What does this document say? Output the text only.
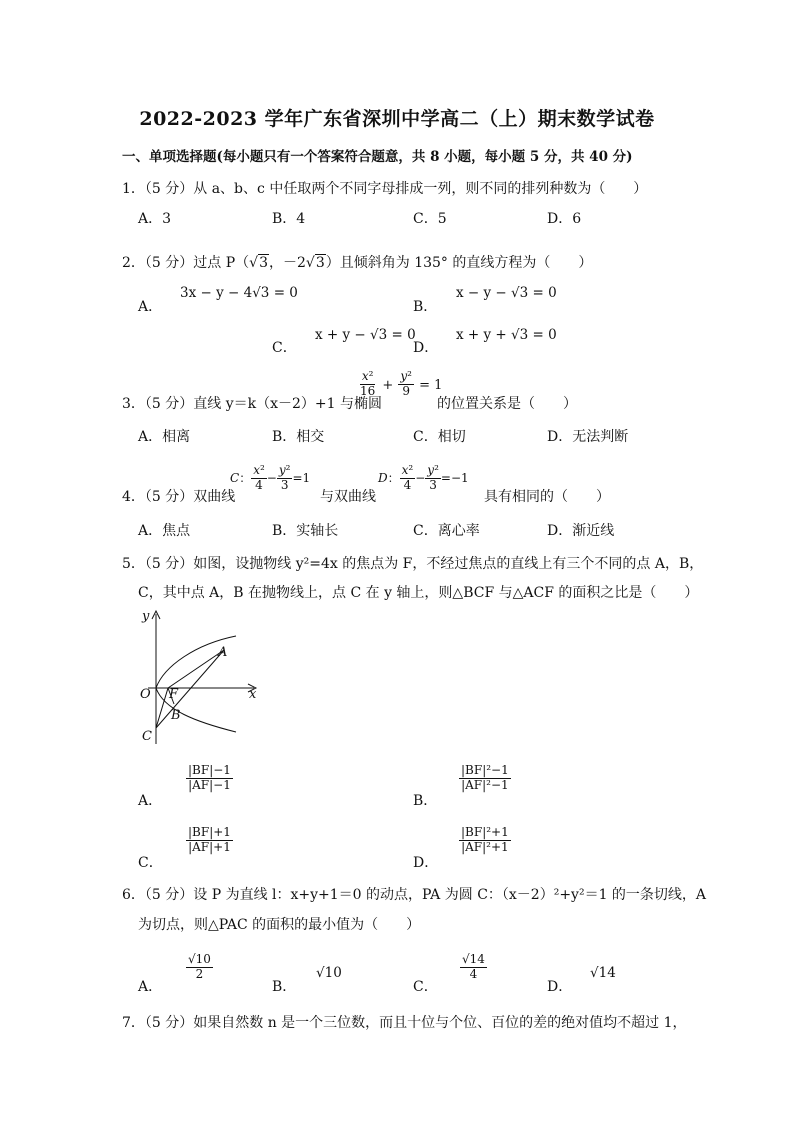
2022-2023 学年广东省深圳中学高二（上）期末数学试卷
一、单项选择题(每小题只有一个答案符合题意，共 8 小题，每小题 5 分，共 40 分)
1．（5 分）从 a、b、c 中任取两个不同字母排成一列，则不同的排列种数为（　　）
A．3	B．4	C．5	D．6
2．（5 分）过点 P（√3，－2√3）且倾斜角为 135° 的直线方程为（　　）
A．
3x − y − 4√3 = 0
B．
x − y − √3 = 0
C．
x + y − √3 = 0
D．
x + y + √3 = 0
3．（5 分）直线 y＝k（x－2）+1 与椭圆
$\frac{\text{x²}}{16} + \frac{\text{y²}}{9} = 1$
的位置关系是（　　）
A．相离	B．相交	C．相切	D．无法判断
4．（5 分）双曲线
C： $\frac{\text{x²}}{4} - \frac{\text{y²}}{3} =1$
与双曲线
D： $\frac{\text{x²}}{4} - \frac{\text{y²}}{3} =-1$
具有相同的（　　）
A．焦点	B．实轴长	C．离心率	D．渐近线
5．（5 分）如图，设抛物线 y²=4x 的焦点为 F，不经过焦点的直线上有三个不同的点 A，B，
C，其中点 A，B 在抛物线上，点 C 在 y 轴上，则△BCF 与△ACF 的面积之比是（　　）
y
x
O F
A
B
C
A．
$\frac{|BF|-1}{|AF|-1}$
B．
$\frac{\text{|BF|²−1}}{\text{|AF|²−1}}$
C．
$\frac{|BF|+1}{|AF|+1}$
D．
$\frac{\text{|BF|²+1}}{\text{|AF|²+1}}$
6．（5 分）设 P 为直线 l：x+y+1＝0 的动点，PA 为圆 C：（x－2）²+y²＝1 的一条切线，A
为切点，则△PAC 的面积的最小值为（　　）
A．
$\frac{√10}{2}$
B．
√10
C．
$\frac{√14}{4}$
D．
√14
7．（5 分）如果自然数 n 是一个三位数，而且十位与个位、百位的差的绝对值均不超过 1，
